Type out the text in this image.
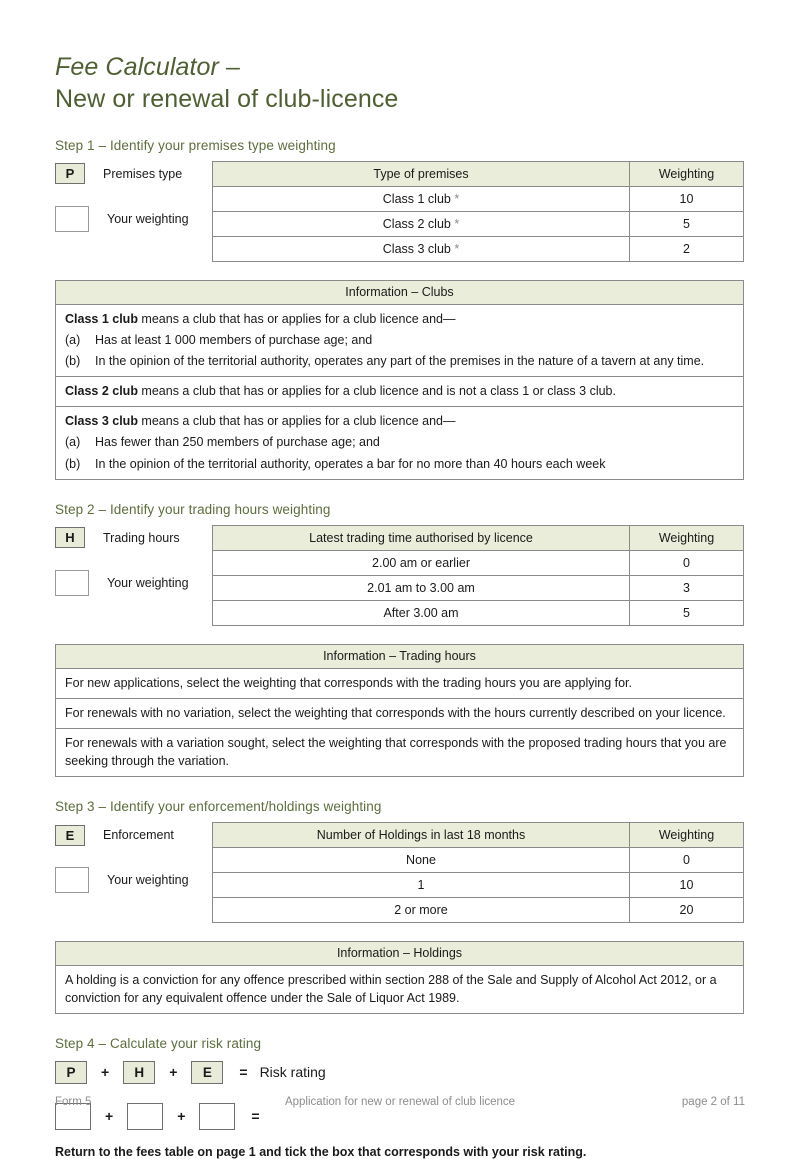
Fee Calculator –
New or renewal of club-licence
Step 1 – Identify your premises type weighting
P	Premises type
Your weighting
Type of premises	Weighting
Class 1 club *	10
Class 2 club *	5
Class 3 club *	2
Information – Clubs
Class 1 club means a club that has or applies for a club licence and—
(a)	Has at least 1 000 members of purchase age; and
(b)	In the opinion of the territorial authority, operates any part of the premises in the nature of a tavern at any time.
Class 2 club means a club that has or applies for a club licence and is not a class 1 or class 3 club.
Class 3 club means a club that has or applies for a club licence and—
(a)	Has fewer than 250 members of purchase age; and
(b)	In the opinion of the territorial authority, operates a bar for no more than 40 hours each week
Step 2 – Identify your trading hours weighting
H	Trading hours
Your weighting
Latest trading time authorised by licence	Weighting
2.00 am or earlier	0
2.01 am to 3.00 am	3
After 3.00 am	5
Information – Trading hours
For new applications, select the weighting that corresponds with the trading hours you are applying for.
For renewals with no variation, select the weighting that corresponds with the hours currently described on your licence.
For renewals with a variation sought, select the weighting that corresponds with the proposed trading hours that you are seeking through the variation.
Step 3 – Identify your enforcement/holdings weighting
E	Enforcement
Your weighting
Number of Holdings in last 18 months	Weighting
None	0
1	10
2 or more	20
Information – Holdings
A holding is a conviction for any offence prescribed within section 288 of the Sale and Supply of Alcohol Act 2012, or a conviction for any equivalent offence under the Sale of Liquor Act 1989.
Step 4 – Calculate your risk rating
P	+	H	+	E	= Risk rating
+	+	=
Return to the fees table on page 1 and tick the box that corresponds with your risk rating.
Form 5	Application for new or renewal of club licence	page 2 of 11
